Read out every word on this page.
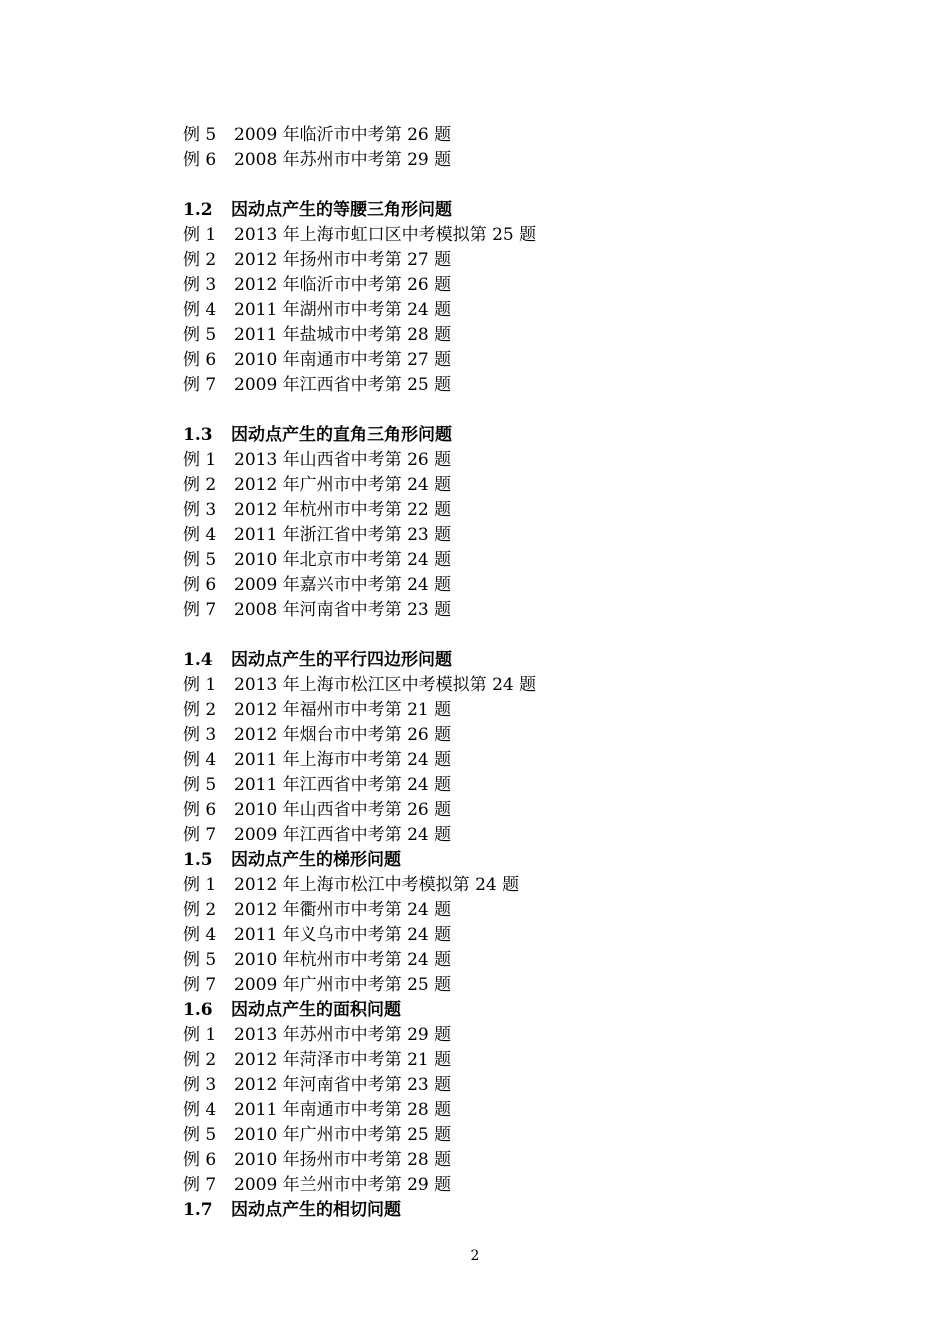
例 5 2009 年临沂市中考第 26 题
例 6 2008 年苏州市中考第 29 题
1.2 因动点产生的等腰三角形问题
例 1 2013 年上海市虹口区中考模拟第 25 题
例 2 2012 年扬州市中考第 27 题
例 3 2012 年临沂市中考第 26 题
例 4 2011 年湖州市中考第 24 题
例 5 2011 年盐城市中考第 28 题
例 6 2010 年南通市中考第 27 题
例 7 2009 年江西省中考第 25 题
1.3 因动点产生的直角三角形问题
例 1 2013 年山西省中考第 26 题
例 2 2012 年广州市中考第 24 题
例 3 2012 年杭州市中考第 22 题
例 4 2011 年浙江省中考第 23 题
例 5 2010 年北京市中考第 24 题
例 6 2009 年嘉兴市中考第 24 题
例 7 2008 年河南省中考第 23 题
1.4 因动点产生的平行四边形问题
例 1 2013 年上海市松江区中考模拟第 24 题
例 2 2012 年福州市中考第 21 题
例 3 2012 年烟台市中考第 26 题
例 4 2011 年上海市中考第 24 题
例 5 2011 年江西省中考第 24 题
例 6 2010 年山西省中考第 26 题
例 7 2009 年江西省中考第 24 题
1.5 因动点产生的梯形问题
例 1 2012 年上海市松江中考模拟第 24 题
例 2 2012 年衢州市中考第 24 题
例 4 2011 年义乌市中考第 24 题
例 5 2010 年杭州市中考第 24 题
例 7 2009 年广州市中考第 25 题
1.6 因动点产生的面积问题
例 1 2013 年苏州市中考第 29 题
例 2 2012 年菏泽市中考第 21 题
例 3 2012 年河南省中考第 23 题
例 4 2011 年南通市中考第 28 题
例 5 2010 年广州市中考第 25 题
例 6 2010 年扬州市中考第 28 题
例 7 2009 年兰州市中考第 29 题
1.7 因动点产生的相切问题
2
